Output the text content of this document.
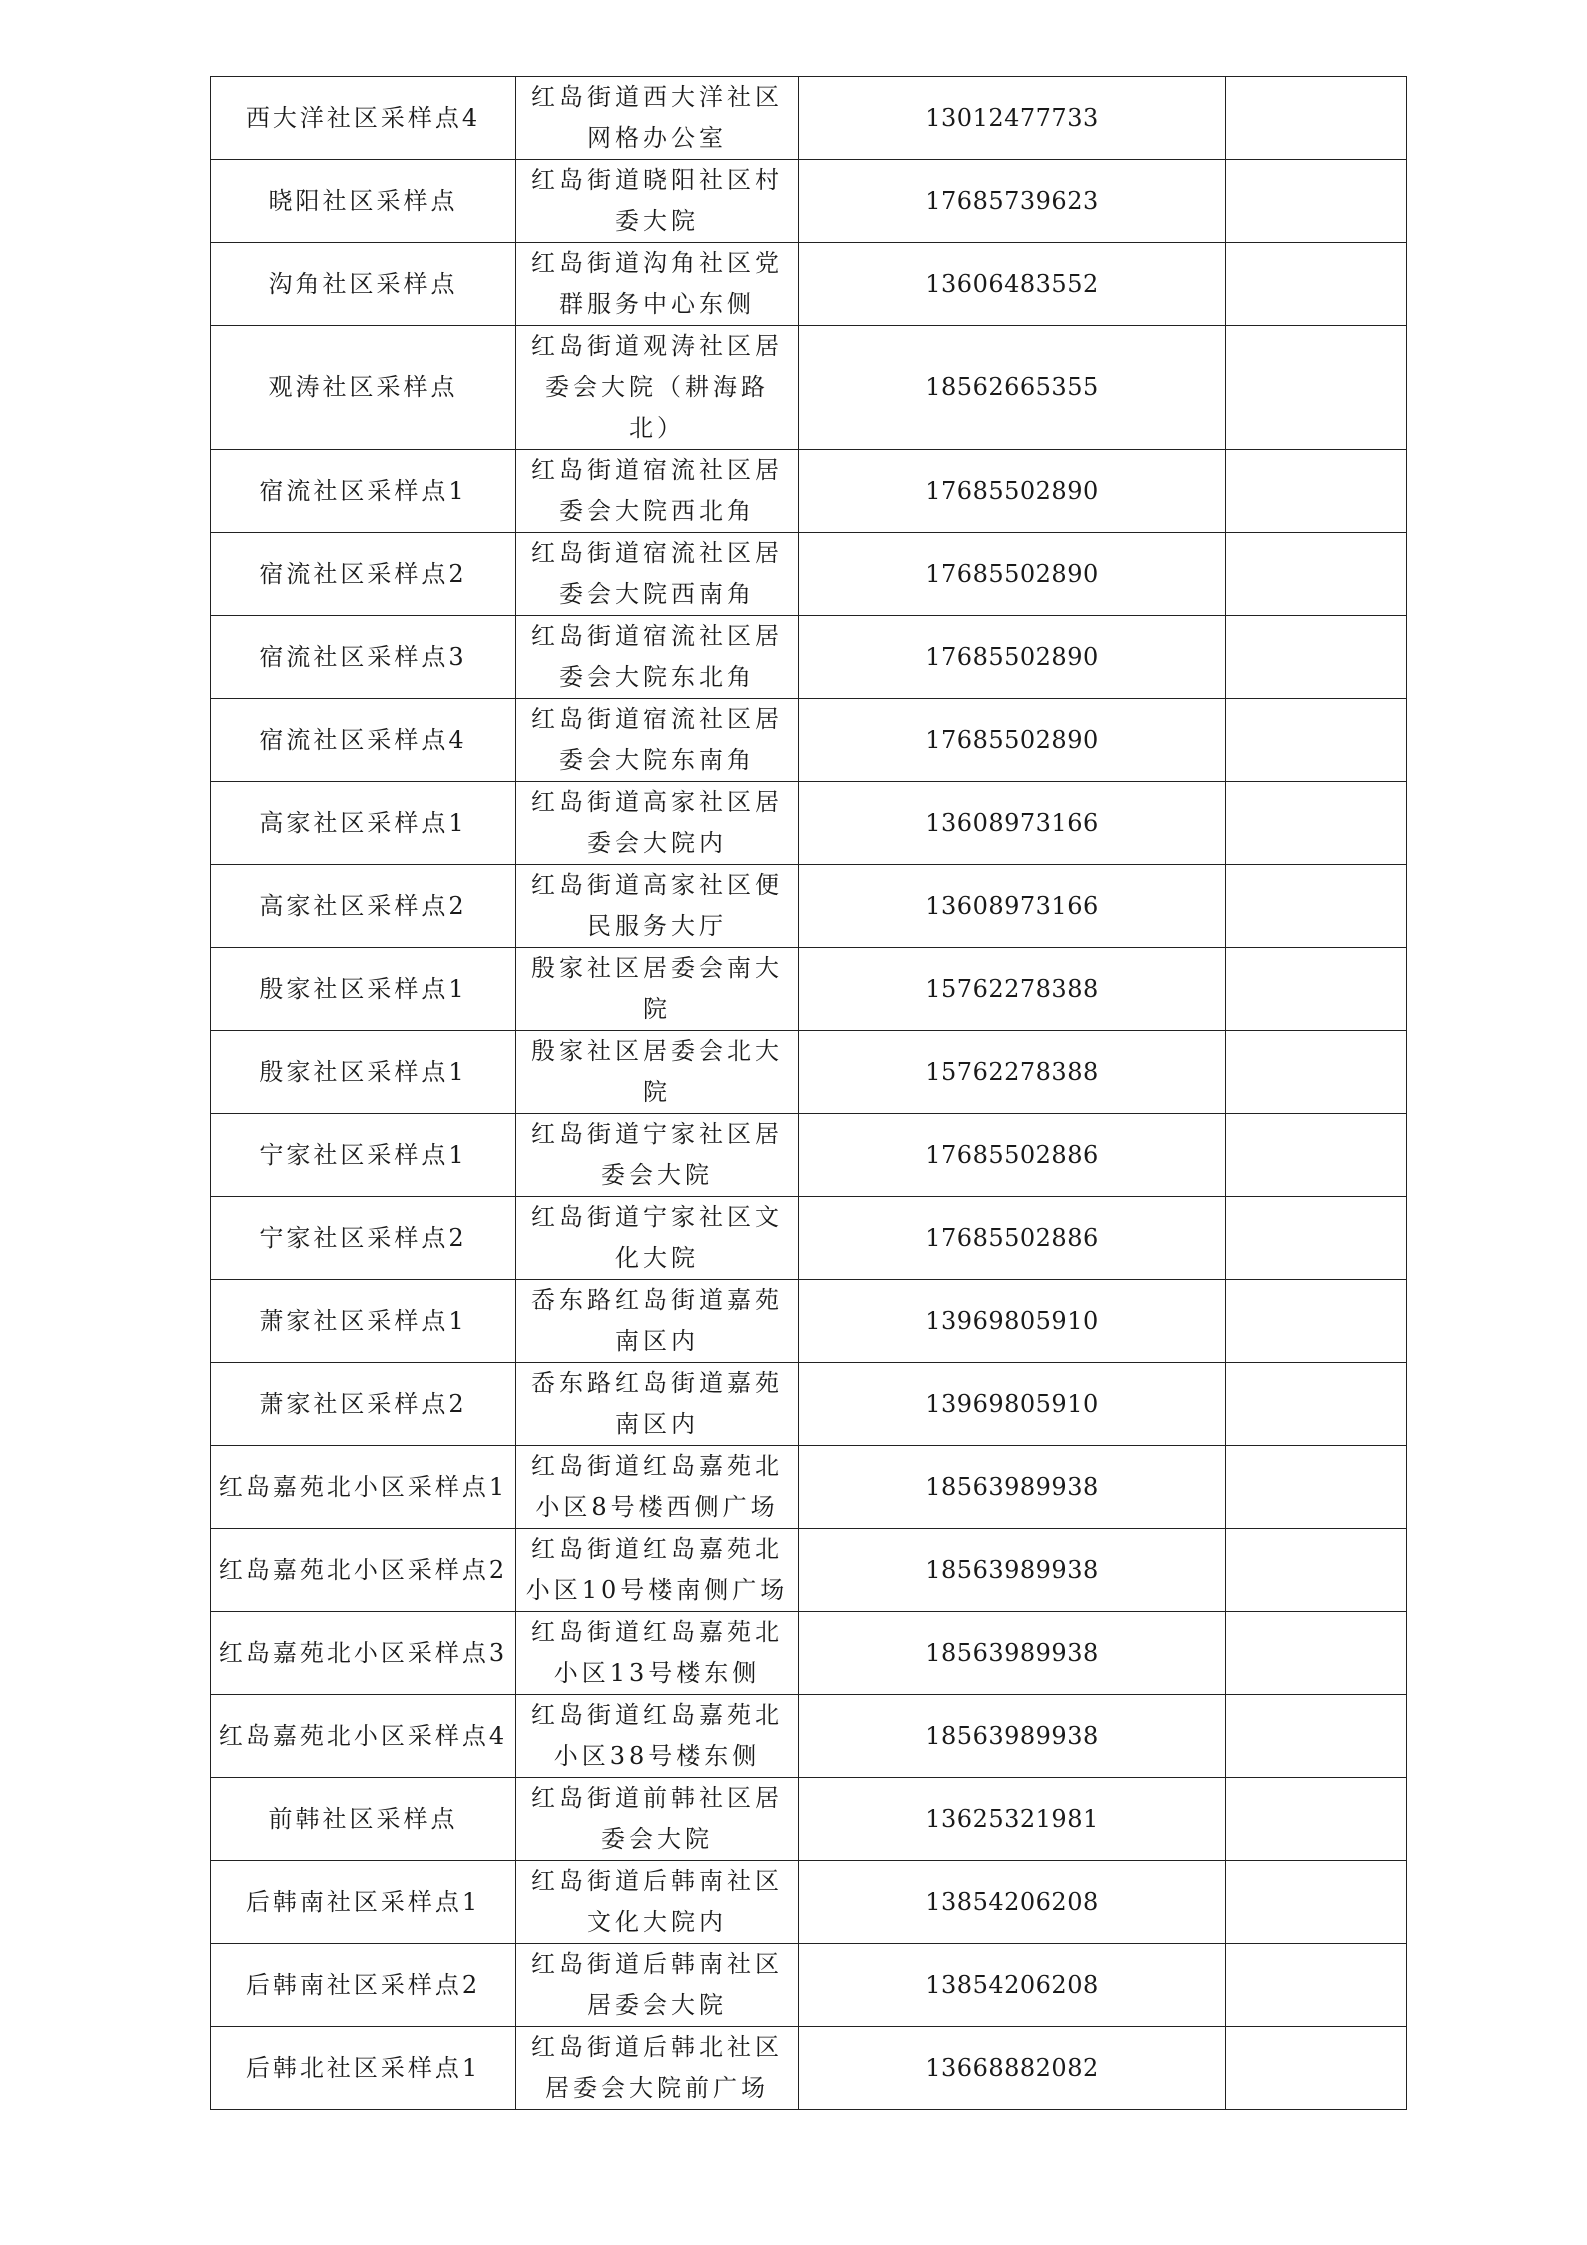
西大洋社区采样点4	红岛街道西大洋社区网格办公室	13012477733	

晓阳社区采样点	红岛街道晓阳社区村委大院	17685739623	

沟角社区采样点	红岛街道沟角社区党群服务中心东侧	13606483552	

观涛社区采样点	红岛街道观涛社区居委会大院（耕海路北）	18562665355	

宿流社区采样点1	红岛街道宿流社区居委会大院西北角	17685502890	

宿流社区采样点2	红岛街道宿流社区居委会大院西南角	17685502890	

宿流社区采样点3	红岛街道宿流社区居委会大院东北角	17685502890	

宿流社区采样点4	红岛街道宿流社区居委会大院东南角	17685502890	

高家社区采样点1	红岛街道高家社区居委会大院内	13608973166	

高家社区采样点2	红岛街道高家社区便民服务大厅	13608973166	

殷家社区采样点1	殷家社区居委会南大院	15762278388	

殷家社区采样点1	殷家社区居委会北大院	15762278388	

宁家社区采样点1	红岛街道宁家社区居委会大院	17685502886	

宁家社区采样点2	红岛街道宁家社区文化大院	17685502886	

萧家社区采样点1	岙东路红岛街道嘉苑南区内	13969805910	

萧家社区采样点2	岙东路红岛街道嘉苑南区内	13969805910	

红岛嘉苑北小区采样点1	红岛街道红岛嘉苑北小区8号楼西侧广场	18563989938	

红岛嘉苑北小区采样点2	红岛街道红岛嘉苑北小区10号楼南侧广场	18563989938	

红岛嘉苑北小区采样点3	红岛街道红岛嘉苑北小区13号楼东侧	18563989938	

红岛嘉苑北小区采样点4	红岛街道红岛嘉苑北小区38号楼东侧	18563989938	

前韩社区采样点	红岛街道前韩社区居委会大院	13625321981	

后韩南社区采样点1	红岛街道后韩南社区文化大院内	13854206208	

后韩南社区采样点2	红岛街道后韩南社区居委会大院	13854206208	

后韩北社区采样点1	红岛街道后韩北社区居委会大院前广场	13668882082	
